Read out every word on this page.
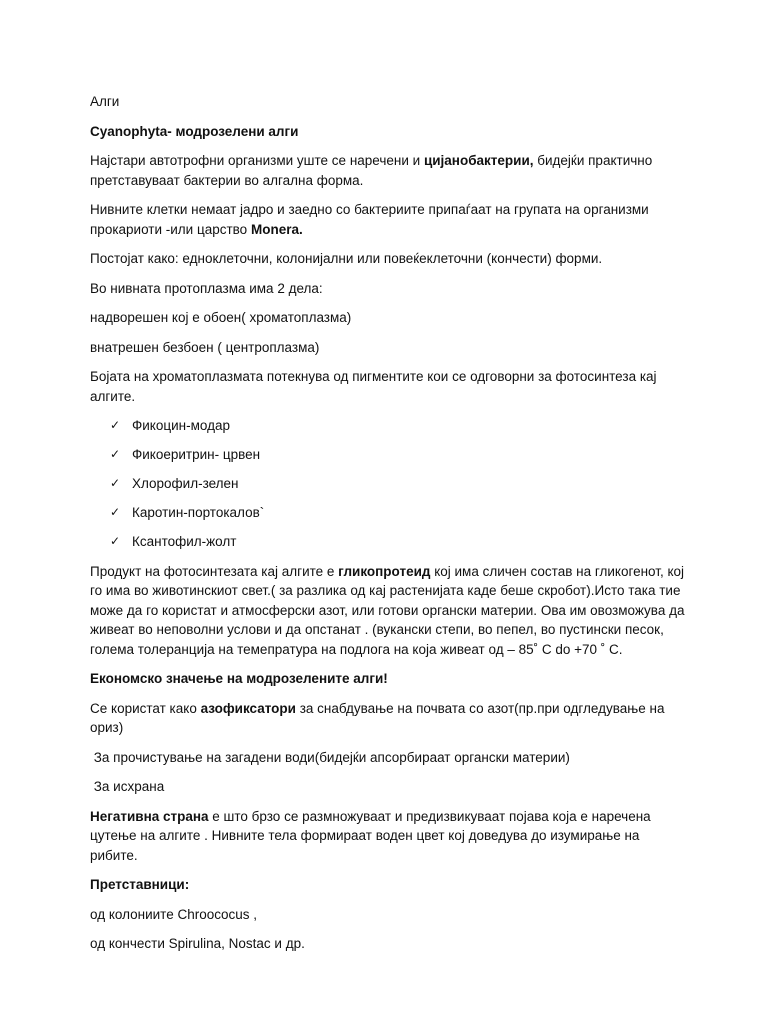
Алги

Cyanophyta- модрозелени алги

Најстари автотрофни организми уште се наречени и цијанобактерии, бидејќи практично претставуваат бактерии во алгална форма.

Нивните клетки немаат јадро и заедно со бактериите припаѓаат на групата на организми прокариоти -или царство Monera.

Постојат како: едноклеточни, колонијални или повеќеклеточни (кончести) форми.

Во нивната протоплазма има 2 дела:

надворешен кој е обоен( хроматоплазма)

внатрешен безбоен ( центроплазма)

Бојата на хроматоплазмата потекнува од пигментите кои се одговорни за фотосинтеза кај алгите.

✓ Фикоцин-модар
✓ Фикоеритрин- црвен
✓ Хлорофил-зелен
✓ Каротин-портокалов`
✓ Ксантофил-жолт

Продукт на фотосинтезата кај алгите е гликопротеид кој има сличен состав на гликогенот, кој го има во животинскиот свет.( за разлика од кај растенијата каде беше скробот).Исто така тие може да го користат и атмосферски азот, или готови органски материи. Ова им овозможува да живеат во неповолни услови и да опстанат . (вукански степи, во пепел, во пустински песок, голема толеранција на темепратура на подлога на која живеат од – 85˚ C do +70 ˚ C.

Економско значење на модрозелените алги!

Се користат како азофиксатори за снабдување на почвата со азот(пр.при одгледување на ориз)

За прочистување на загадени води(бидејќи апсорбираат органски материи)

За исхрана

Негативна страна е што брзо се размножуваат и предизвикуваат појава која е наречена цутење на алгите . Нивните тела формираат воден цвет кој доведува до изумирање на рибите.

Претставници:

од колониите Chroococus ,

од кончести Spirulina, Nostac и др.
